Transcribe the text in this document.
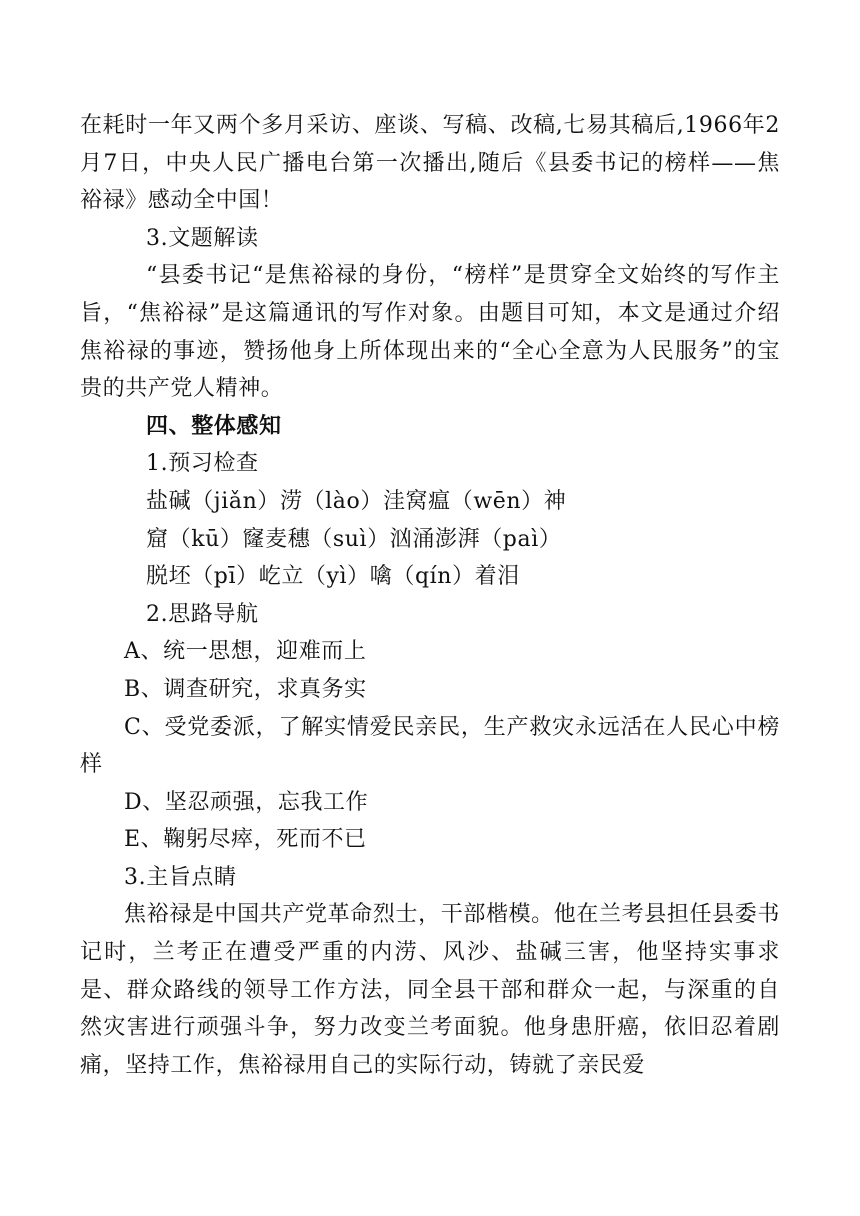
在耗时一年又两个多月采访、座谈、写稿、改稿,七易其稿后,1966年2月7日，中央人民广播电台第一次播出,随后《县委书记的榜样——焦裕禄》感动全中国！

3.文题解读

“县委书记“是焦裕禄的身份，“榜样”是贯穿全文始终的写作主旨，“焦裕禄”是这篇通讯的写作对象。由题目可知，本文是通过介绍焦裕禄的事迹，赞扬他身上所体现出来的“全心全意为人民服务”的宝贵的共产党人精神。

四、整体感知

1.预习检查

盐碱（jiǎn）涝（lào）洼窝瘟（wēn）神

窟（kū）窿麦穗（suì）汹涌澎湃（paì）

脱坯（pī）屹立（yì）噙（qín）着泪

2.思路导航

A、统一思想，迎难而上

B、调查研究，求真务实

C、受党委派，了解实情爱民亲民，生产救灾永远活在人民心中榜样

D、坚忍顽强，忘我工作

E、鞠躬尽瘁，死而不已

3.主旨点睛

焦裕禄是中国共产党革命烈士，干部楷模。他在兰考县担任县委书记时，兰考正在遭受严重的内涝、风沙、盐碱三害，他坚持实事求是、群众路线的领导工作方法，同全县干部和群众一起，与深重的自然灾害进行顽强斗争，努力改变兰考面貌。他身患肝癌，依旧忍着剧痛，坚持工作，焦裕禄用自己的实际行动，铸就了亲民爱
